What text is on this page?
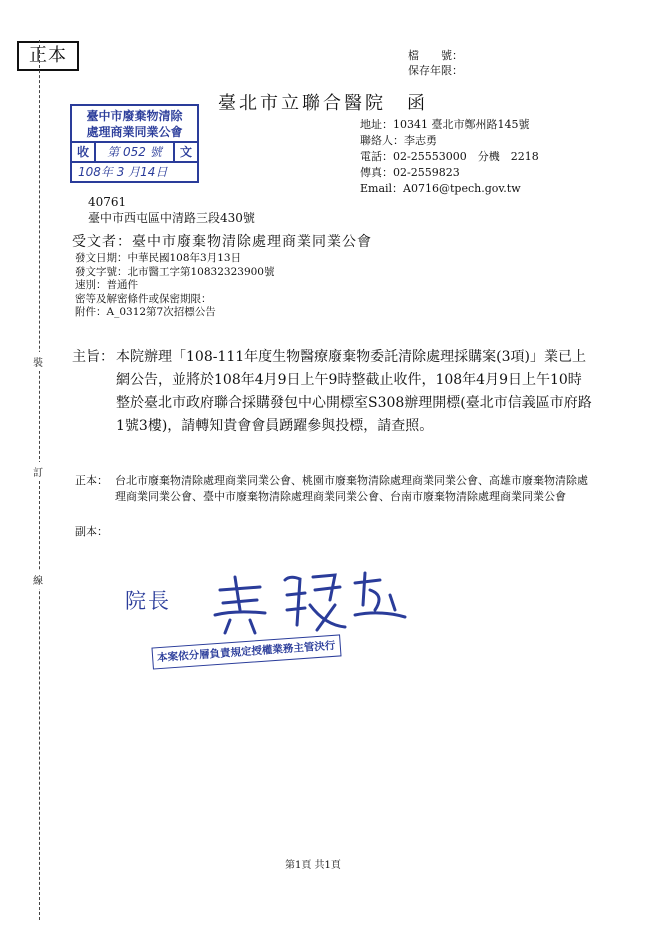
正本	檔　　號：
保存年限：
臺北市立聯合醫院　函
地址：10341 臺北市鄭州路145號
聯絡人：李志勇
電話：02-25553000　分機　2218
傳真：02-2559823
Email：A0716@tpech.gov.tw
臺中市廢棄物清除
處理商業同業公會
收	第 052 號	文
108年 3 月14日
40761
臺中市西屯區中清路三段430號
受文者：臺中市廢棄物清除處理商業同業公會
發文日期：中華民國108年3月13日
發文字號：北市醫工字第10832323900號
速別：普通件
密等及解密條件或保密期限：
附件：A_0312第7次招標公告
主旨： 本院辦理「108-111年度生物醫療廢棄物委託清除處理採購案(3項)」業已上網公告，並將於108年4月9日上午9時整截止收件，108年4月9日上午10時整於臺北市政府聯合採購發包中心開標室S308辦理開標(臺北市信義區市府路1號3樓)，請轉知貴會會員踴躍參與投標，請查照。
正本： 台北市廢棄物清除處理商業同業公會、桃園市廢棄物清除處理商業同業公會、高雄市廢棄物清除處理商業同業公會、臺中市廢棄物清除處理商業同業公會、台南市廢棄物清除處理商業同業公會
副本：
裝
訂
線
院長
本案依分層負責規定授權業務主管決行
第1頁 共1頁
